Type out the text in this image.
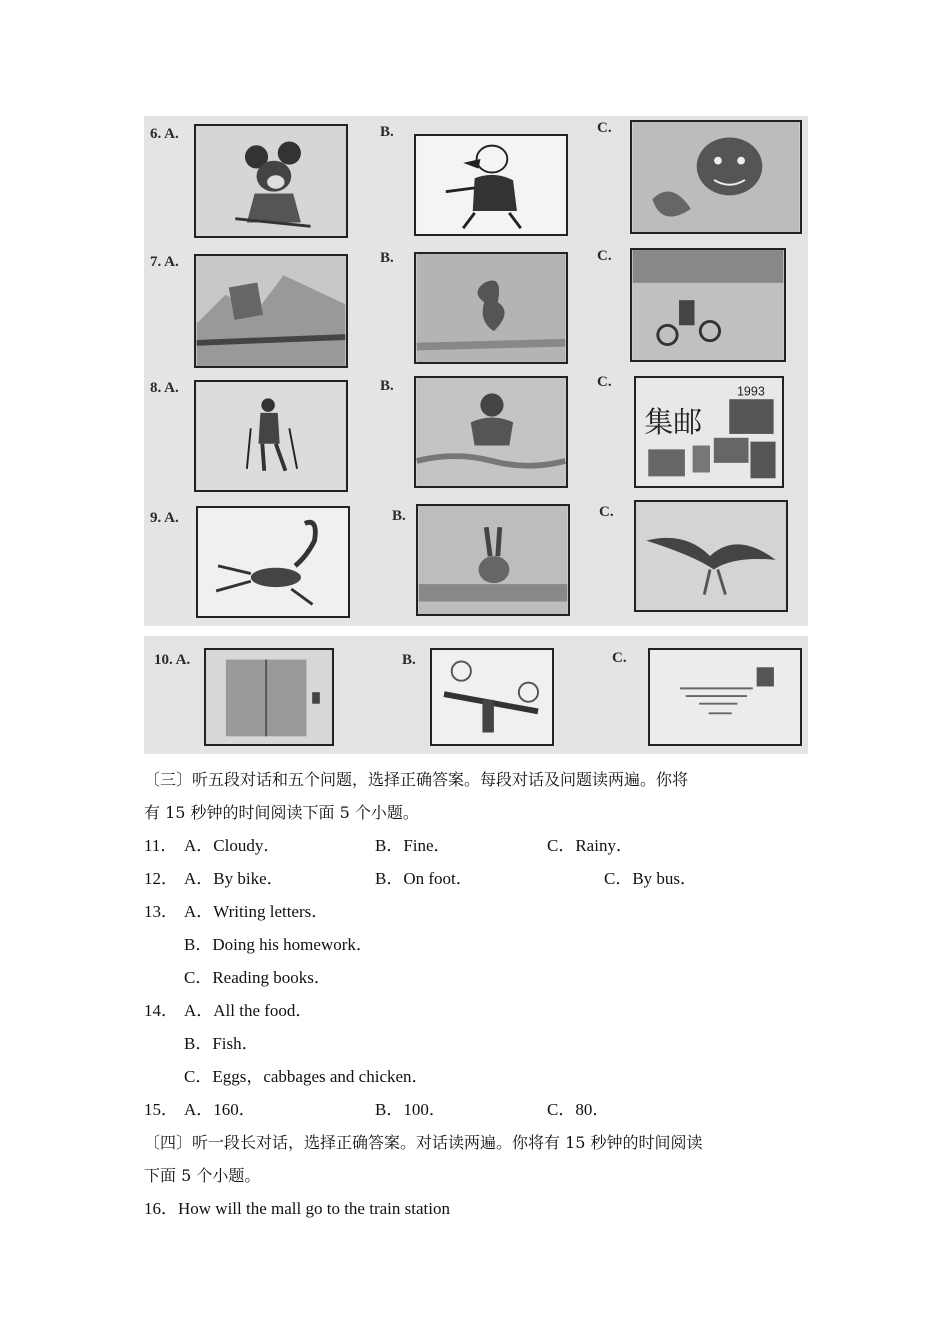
6. A.	B.	C.
7. A.	B.	C.
8. A.	B.	C.
集邮
1993
9. A.	B.	C.
10. A.	B.	C.
〔三〕听五段对话和五个问题，选择正确答案。每段对话及问题读两遍。你将
有 15 秒钟的时间阅读下面 5 个小题。
11． A．Cloudy．	B．Fine．	C．Rainy．
12． A．By bike．	B．On foot．	C．By bus．
13． A．Writing letters．
B．Doing his homework．
C．Reading books．
14． A．All the food．
B．Fish．
C．Eggs，cabbages and chicken．
15． A．160．	B．100．	C．80．
〔四〕听一段长对话，选择正确答案。对话读两遍。你将有 15 秒钟的时间阅读
下面 5 个小题。
16．How will the mall go to the train station
